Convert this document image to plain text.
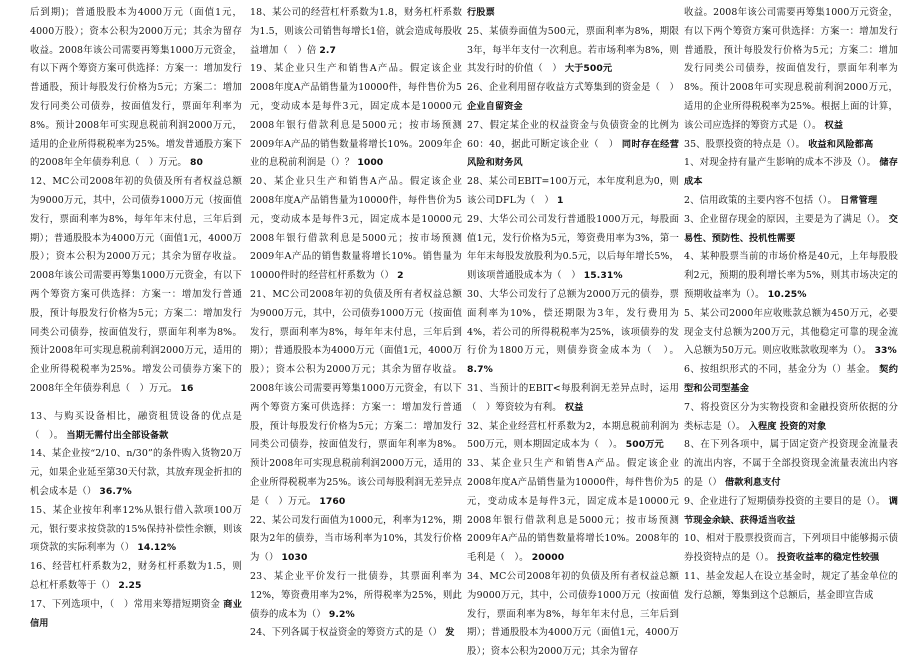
后到期)；普通股股本为4000万元（面值1元，4000万股）；资本公积为2000万元；其余为留存收益。2008年该公司需要再筹集1000万元资金，有以下两个筹资方案可供选择：方案一：增加发行普通股，预计每股发行价格为5元；方案二：增加发行同类公司债券，按面值发行，票面年利率为8%。预计2008年可实现息税前利润2000万元，适用的企业所得税税率为25%。增发普通股方案下的2008年全年债券利息（　）万元。 80

12、MC公司2008年初的负债及所有者权益总额为9000万元，其中，公司债券1000万元（按面值发行，票面利率为8%，每年年末付息，三年后到期）；普通股股本为4000万元（面值1元，4000万股）；资本公积为2000万元；其余为留存收益。2008年该公司需要再筹集1000万元资金，有以下两个筹资方案可供选择：方案一：增加发行普通股，预计每股发行价格为5元；方案二：增加发行同类公司债券，按面值发行，票面年利率为8%。预计2008年可实现息税前利润2000万元，适用的企业所得税税率为25%。增发公司债券方案下的2008年全年债券利息（　）万元。 16

13、与购买设备相比，融资租赁设备的优点是（　）。 当期无需付出全部设备款

14、某企业按“2/10、n/30”的条件购入货物20万元，如果企业延至第30天付款，其放弃现金折扣的机会成本是（） 36.7%

15、某企业按年利率12%从银行借入款项100万元，银行要求按贷款的15%保持补偿性余额，则该项贷款的实际利率为（） 14.12%

16、经营杠杆系数为2，财务杠杆系数为1.5，则总杠杆系数等于（） 2.25

17、下列选项中，（　）常用来筹措短期资金 商业信用

18、某公司的经营杠杆系数为1.8，财务杠杆系数为1.5，则该公司销售每增长1倍，就会造成每股收益增加（　）倍 2.7

19、某企业只生产和销售A产品。假定该企业2008年度A产品销售量为10000件，每件售价为5元，变动成本是每件3元，固定成本是10000元2008年银行借款利息是5000元；按市场预测2009年A产品的销售数量将增长10%。2009年企业的息税前利润是（）？ 1000

20、某企业只生产和销售A产品。假定该企业2008年度A产品销售量为10000件，每件售价为5元，变动成本是每件3元，固定成本是10000元2008年银行借款利息是5000元；按市场预测2009年A产品的销售数量将增长10%。销售量为10000件时的经营杠杆系数为（） 2

21、MC公司2008年初的负债及所有者权益总额为9000万元，其中，公司债券1000万元（按面值发行，票面利率为8%，每年年末付息，三年后到期）；普通股股本为4000万元（面值1元，4000万股）；资本公积为2000万元；其余为留存收益。2008年该公司需要再筹集1000万元资金，有以下两个筹资方案可供选择：方案一：增加发行普通股，预计每股发行价格为5元；方案二：增加发行同类公司债券，按面值发行，票面年利率为8%。预计2008年可实现息税前利润2000万元，适用的企业所得税税率为25%。该公司每股利润无差异点是（　）万元。 1760

22、某公司发行面值为1000元，利率为12%，期限为2年的债券，当市场利率为10%，其发行价格为（） 1030

23、某企业平价发行一批债券，其票面利率为12%，筹资费用率为2%，所得税率为25%，则此债券的成本为（） 9.2%

24、下列各属于权益资金的筹资方式的是（） 发

行股票

25、某债券面值为500元，票面利率为8%，期限3年，每半年支付一次利息。若市场利率为8%，则其发行时的价值（　） 大于500元

26、企业利用留存收益方式筹集到的资金是（　） 企业自留资金

27、假定某企业的权益资金与负债资金的比例为60：40，据此可断定该企业（　） 同时存在经营风险和财务风

28、某公司EBIT=100万元，本年度利息为0，则该公司DFL为（　） 1

29、大华公司公司发行普通股1000万元，每股面值1元，发行价格为5元，筹资费用率为3%，第一年年末每股发放股利为0.5元，以后每年增长5%，则该项普通股成本为（　） 15.31%

30、大华公司发行了总额为2000万元的债券，票面利率为10%，偿还期限为3年，发行费用为4%，若公司的所得税税率为25%，该项债券的发行价为1800万元，则债券资金成本为（　）。 8.7%

31、当预计的EBIT<每股利润无差异点时，运用（　）筹资较为有利。 权益

32、某企业经营杠杆系数为2，本期息税前利润为500万元，则本期固定成本为（　）。 500万元

33、某企业只生产和销售A产品。假定该企业2008年度A产品销售量为10000件，每件售价为5元，变动成本是每件3元，固定成本是10000元2008年银行借款利息是5000元；按市场预测2009年A产品的销售数量将增长10%。2008年的毛利是（　）。 20000

34、MC公司2008年初的负债及所有者权益总额为9000万元，其中，公司债券1000万元（按面值发行，票面利率为8%，每年年末付息，三年后到期）；普通股股本为4000万元（面值1元，4000万股）；资本公积为2000万元；其余为留存

收益。2008年该公司需要再筹集1000万元资金，有以下两个筹资方案可供选择：方案一：增加发行普通股，预计每股发行价格为5元；方案二：增加发行同类公司债券，按面值发行，票面年利率为8%。预计2008年可实现息税前利润2000万元，适用的企业所得税税率为25%。根据上面的计算，该公司应选择的筹资方式是（）。 权益

35、股票投资的特点是（）。 收益和风险都高

1、对现金持有量产生影响的成本不涉及（）。 储存成本

2、信用政策的主要内容不包括（）。 日常管理

3、企业留存现金的原因，主要是为了满足（）。 交易性、预防性、投机性需要

4、某种股票当前的市场价格是40元，上年每股股利2元，预期的股利增长率为5%，则其市场决定的预期收益率为（）。 10.25%

5、某公司2000年应收账款总额为450万元，必要现金支付总额为200万元，其他稳定可靠的现金流入总额为50万元。则应收账款收现率为（）。 33%

6、按组织形式的不同，基金分为（）基金。 契约型和公司型基金

7、将投资区分为实物投资和金融投资所依据的分类标志是（）。 入程度 投资的对象

8、在下列各项中，属于固定资产投资现金流量表的流出内容，不属于全部投资现金流量表流出内容的是（） 借款利息支付

9、企业进行了短期债券投资的主要目的是（）。 调节现金余缺、获得适当收益

10、相对于股票投资而言，下列项目中能够揭示债券投资特点的是（）。 投资收益率的稳定性较强

11、基金发起人在设立基金时，规定了基金单位的发行总额，筹集到这个总额后，基金即宣告成
